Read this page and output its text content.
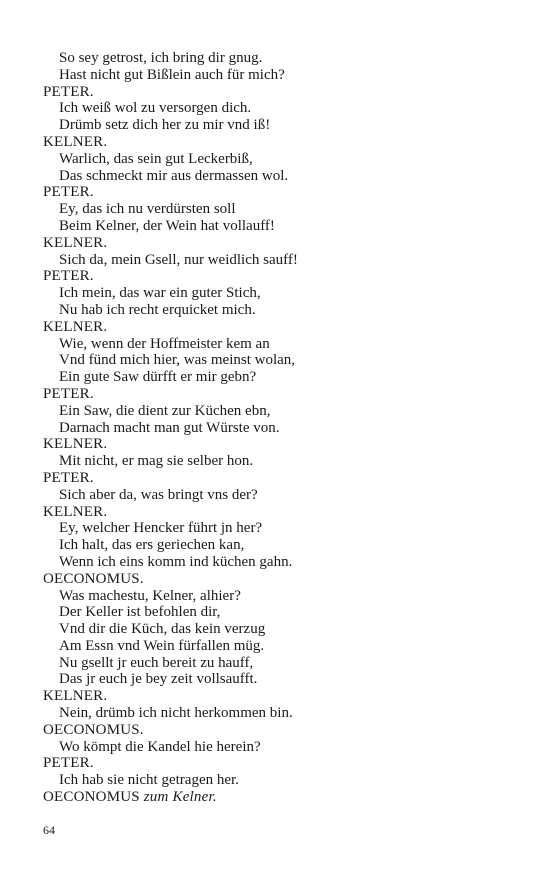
So sey getrost, ich bring dir gnug.
Hast nicht gut Bißlein auch für mich?
PETER.
Ich weiß wol zu versorgen dich.
Drümb setz dich her zu mir vnd iß!
KELNER.
Warlich, das sein gut Leckerbiß,
Das schmeckt mir aus dermassen wol.
PETER.
Ey, das ich nu verdürsten soll
Beim Kelner, der Wein hat vollauff!
KELNER.
Sich da, mein Gsell, nur weidlich sauff!
PETER.
Ich mein, das war ein guter Stich,
Nu hab ich recht erquicket mich.
KELNER.
Wie, wenn der Hoffmeister kem an
Vnd fünd mich hier, was meinst wolan,
Ein gute Saw dürfft er mir gebn?
PETER.
Ein Saw, die dient zur Küchen ebn,
Darnach macht man gut Würste von.
KELNER.
Mit nicht, er mag sie selber hon.
PETER.
Sich aber da, was bringt vns der?
KELNER.
Ey, welcher Hencker führt jn her?
Ich halt, das ers geriechen kan,
Wenn ich eins komm ind küchen gahn.
OECONOMUS.
Was machestu, Kelner, alhier?
Der Keller ist befohlen dir,
Vnd dir die Küch, das kein verzug
Am Essn vnd Wein fürfallen müg.
Nu gsellt jr euch bereit zu hauff,
Das jr euch je bey zeit vollsaufft.
KELNER.
Nein, drümb ich nicht herkommen bin.
OECONOMUS.
Wo kömpt die Kandel hie herein?
PETER.
Ich hab sie nicht getragen her.
OECONOMUS zum Kelner.
64
